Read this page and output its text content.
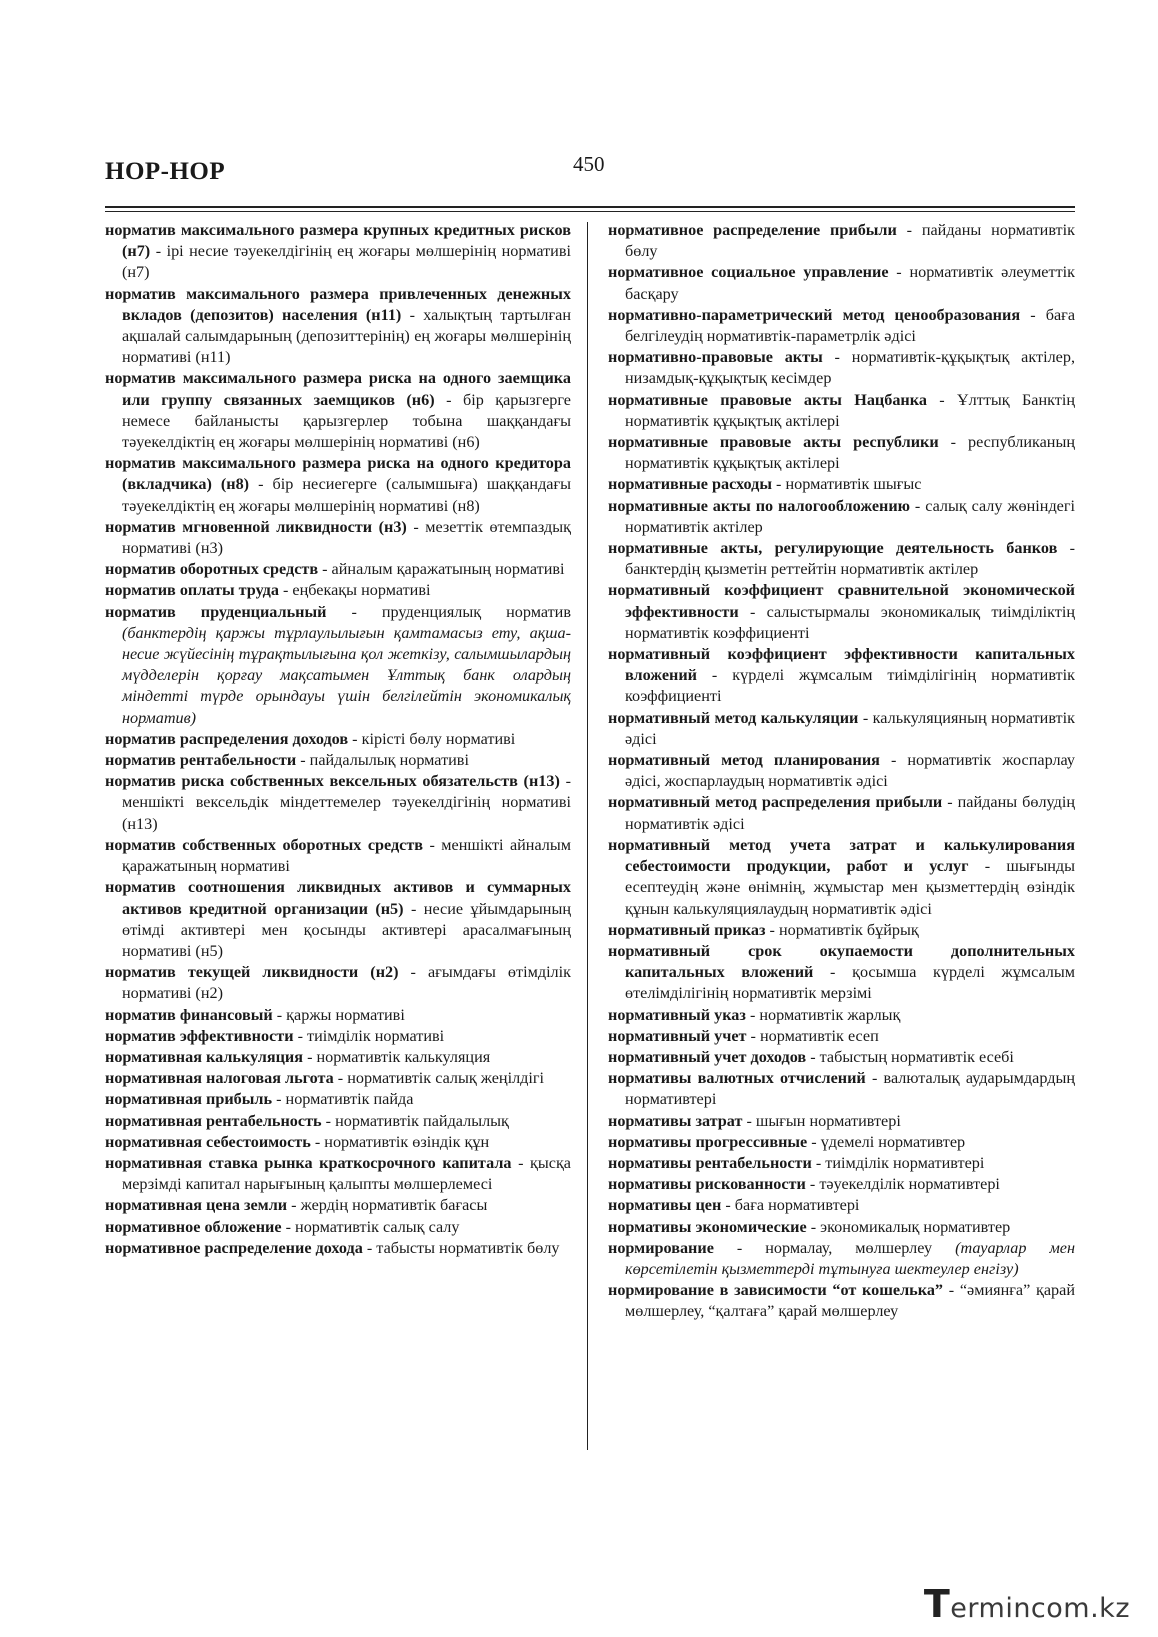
НОР-НОР	450

норматив максимального размера крупных кредитных рисков (н7) - ірі несие тәуекелдігінің ең жоғары мөлшерінің нормативі (н7)

норматив максимального размера привлеченных денежных вкладов (депозитов) населения (н11) - халықтың тартылған ақшалай салымдарының (депозиттерінің) ең жоғары мөлшерінің нормативі (н11)

норматив максимального размера риска на одного заемщика или группу связанных заемщиков (н6) - бір қарызгерге немесе байланысты қарызгерлер тобына шаққандағы тәуекелдіктің ең жоғары мөлшерінің нормативі (н6)

норматив максимального размера риска на одного кредитора (вкладчика) (н8) - бір несиегерге (салымшыға) шаққандағы тәуекелдіктің ең жоғары мөлшерінің нормативі (н8)

норматив мгновенной ликвидности (н3) - мезеттік өтемпаздық нормативі (н3)

норматив оборотных средств - айналым қаражатының нормативі

норматив оплаты труда - еңбекақы нормативі

норматив пруденциальный - пруденциялық норматив (банктердің қаржы тұрлаулылығын қамтамасыз ету, ақша-несие жүйесінің тұрақтылығына қол жеткізу, салымшылардың мүдделерін қорғау мақсатымен Ұлттық банк олардың міндетті түрде орындауы үшін белгілейтін экономикалық норматив)

норматив распределения доходов - кірісті бөлу нормативі

норматив рентабельности - пайдалылық нормативі

норматив риска собственных вексельных обязательств (н13) - меншікті вексельдік міндеттемелер тәуекелдігінің нормативі (н13)

норматив собственных оборотных средств - меншікті айналым қаражатының нормативі

норматив соотношения ликвидных активов и суммарных активов кредитной организации (н5) - несие ұйымдарының өтімді активтері мен қосынды активтері арасалмағының нормативі (н5)

норматив текущей ликвидности (н2) - ағымдағы өтімділік нормативі (н2)

норматив финансовый - қаржы нормативі

норматив эффективности - тиімділік нормативі

нормативная калькуляция - нормативтік калькуляция

нормативная налоговая льгота - нормативтік салық жеңілдігі

нормативная прибыль - нормативтік пайда

нормативная рентабельность - нормативтік пайдалылық

нормативная себестоимость - нормативтік өзіндік құн

нормативная ставка рынка краткосрочного капитала - қысқа мерзімді капитал нарығының қалыпты мөлшерлемесі

нормативная цена земли - жердің нормативтік бағасы

нормативное обложение - нормативтік салық салу

нормативное распределение дохода - табысты нормативтік бөлу

нормативное распределение прибыли - пайданы нормативтік бөлу

нормативное социальное управление - нормативтік әлеуметтік басқару

нормативно-параметрический метод ценообразования - баға белгілеудің нормативтік-параметрлік әдісі

нормативно-правовые акты - нормативтік-құқықтық актілер, низамдық-құқықтық кесімдер

нормативные правовые акты Нацбанка - Ұлттық Банктің нормативтік құқықтық актілері

нормативные правовые акты республики - республиканың нормативтік құқықтық актілері

нормативные расходы - нормативтік шығыс

нормативные акты по налогообложению - салық салу жөніндегі нормативтік актілер

нормативные акты, регулирующие деятельность банков - банктердің қызметін реттейтін нормативтік актілер

нормативный коэффициент сравнительной экономической эффективности - салыстырмалы экономикалық тиімділіктің нормативтік коэффициенті

нормативный коэффициент эффективности капитальных вложений - күрделі жұмсалым тиімділігінің нормативтік коэффициенті

нормативный метод калькуляции - калькуляцияның нормативтік әдісі

нормативный метод планирования - нормативтік жоспарлау әдісі, жоспарлаудың нормативтік әдісі

нормативный метод распределения прибыли - пайданы бөлудің нормативтік әдісі

нормативный метод учета затрат и калькулирования себестоимости продукции, работ и услуг - шығынды есептеудің және өнімнің, жұмыстар мен қызметтердің өзіндік құнын калькуляциялаудың нормативтік әдісі

нормативный приказ - нормативтік бұйрық

нормативный срок окупаемости дополнительных капитальных вложений - қосымша күрделі жұмсалым өтелімділігінің нормативтік мерзімі

нормативный указ - нормативтік жарлық

нормативный учет - нормативтік есеп

нормативный учет доходов - табыстың нормативтік есебі

нормативы валютных отчислений - валюталық аударымдардың нормативтері

нормативы затрат - шығын нормативтері

нормативы прогрессивные - үдемелі нормативтер

нормативы рентабельности - тиімділік нормативтері

нормативы рискованности - тәуекелділік нормативтері

нормативы цен - баға нормативтері

нормативы экономические - экономикалық нормативтер

нормирование - нормалау, мөлшерлеу (тауарлар мен көрсетілетін қызметтерді тұтынуға шектеулер енгізу)

нормирование в зависимости “от кошелька” - “әмиянға” қарай мөлшерлеу, “қалтаға” қарай мөлшерлеу

Termincom.kz
